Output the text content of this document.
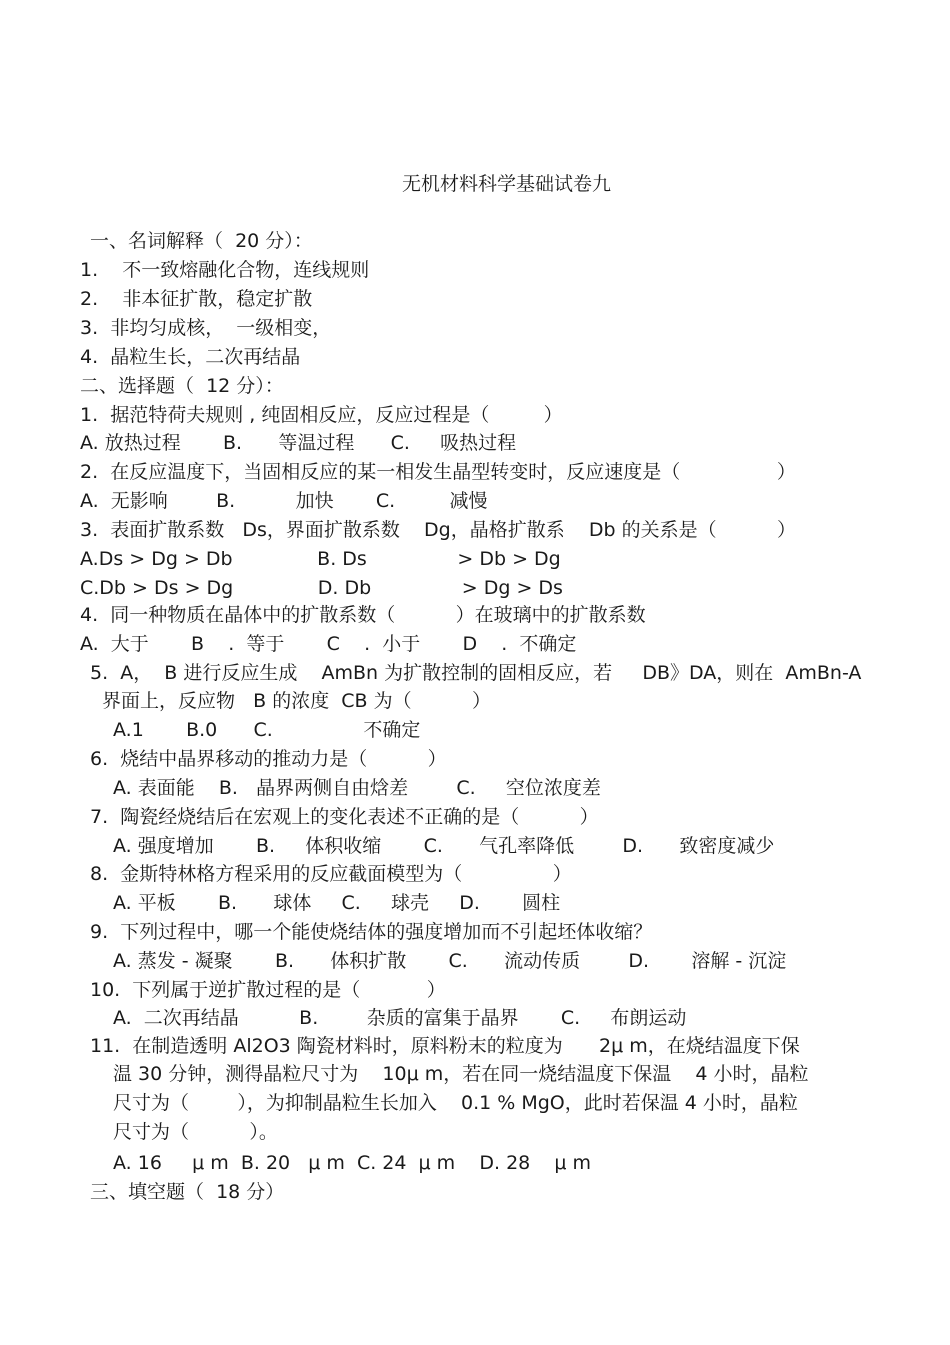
无机材料科学基础试卷九
一、名词解释（  20 分）：
1.    不一致熔融化合物，连线规则
2.    非本征扩散，稳定扩散
3.  非均匀成核，  一级相变，
4.  晶粒生长，二次再结晶
二、选择题（  12 分）：
1.  据范特荷夫规则 , 纯固相反应，反应过程是（         ）
A. 放热过程       B.      等温过程      C.     吸热过程
2.  在反应温度下，当固相反应的某一相发生晶型转变时，反应速度是（                ）
A.  无影响        B.          加快       C.         减慢
3.  表面扩散系数   Ds，界面扩散系数    Dg，晶格扩散系    Db 的关系是（          ）
A.Ds > Dg > Db              B. Ds               > Db > Dg
C.Db > Ds > Dg              D. Db               > Dg > Ds
4.  同一种物质在晶体中的扩散系数（          ）在玻璃中的扩散系数
A.  大于       B    .  等于       C    .  小于       D    .  不确定
5.  A，  B 进行反应生成    AmBn 为扩散控制的固相反应，若     DB》DA，则在  AmBn-A
界面上，反应物   B 的浓度  CB 为（          ）
A.1       B.0      C.               不确定
6.  烧结中晶界移动的推动力是（          ）
A. 表面能    B.   晶界两侧自由焓差        C.     空位浓度差
7.  陶瓷经烧结后在宏观上的变化表述不正确的是（          ）
A. 强度增加       B.     体积收缩       C.      气孔率降低        D.      致密度减少
8.  金斯特林格方程采用的反应截面模型为（               ）
A. 平板       B.      球体     C.     球壳     D.       圆柱
9.  下列过程中，哪一个能使烧结体的强度增加而不引起坯体收缩？
A. 蒸发 - 凝聚       B.      体积扩散       C.      流动传质        D.       溶解 - 沉淀
10.  下列属于逆扩散过程的是（           ）
A.  二次再结晶          B.        杂质的富集于晶界       C.     布朗运动
11.  在制造透明 Al2O3 陶瓷材料时，原料粉末的粒度为      2μ m，在烧结温度下保
温 30 分钟，测得晶粒尺寸为    10μ m，若在同一烧结温度下保温    4 小时，晶粒
尺寸为（        ），为抑制晶粒生长加入    0.1 % MgO，此时若保温 4 小时，晶粒
尺寸为（          ）。
A. 16     μ m  B. 20   μ m  C. 24  μ m    D. 28    μ m
三、填空题（  18 分）
